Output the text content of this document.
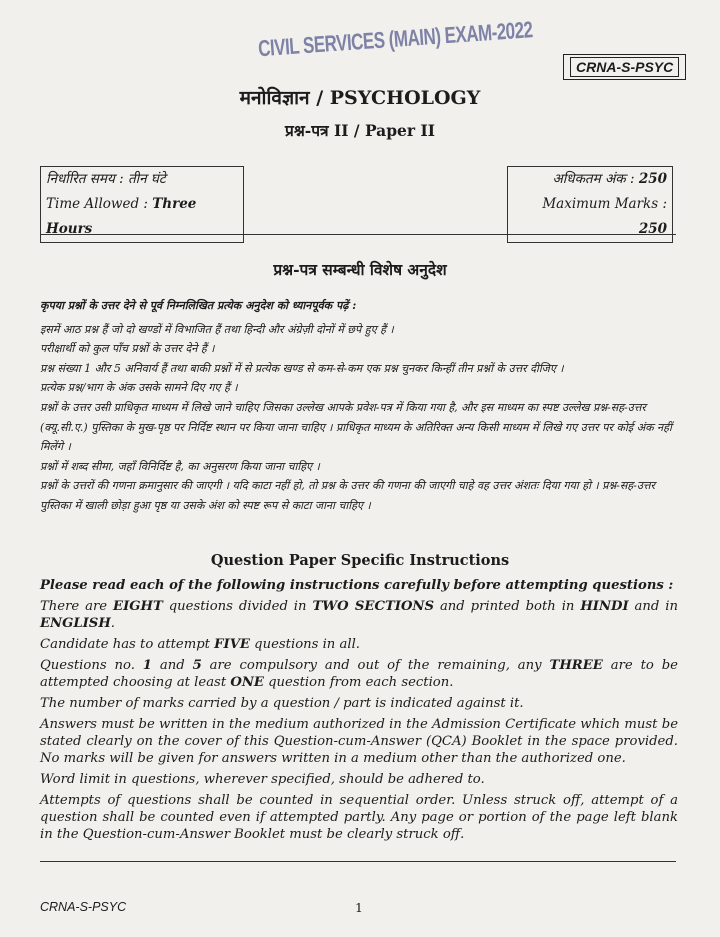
CIVIL SERVICES (MAIN) EXAM-2022
CRNA-S-PSYC
मनोविज्ञान / PSYCHOLOGY
प्रश्न-पत्र II / Paper II
निर्धारित समय : तीन घंटे
Time Allowed : Three Hours
अधिकतम अंक : 250
Maximum Marks : 250
प्रश्न-पत्र सम्बन्धी विशेष अनुदेश

कृपया प्रश्नों के उत्तर देने से पूर्व निम्नलिखित प्रत्येक अनुदेश को ध्यानपूर्वक पढ़ें :

इसमें आठ प्रश्न हैं जो दो खण्डों में विभाजित हैं तथा हिन्दी और अंग्रेज़ी दोनों में छपे हुए हैं ।

परीक्षार्थी को कुल पाँच प्रश्नों के उत्तर देने हैं ।

प्रश्न संख्या 1 और 5 अनिवार्य हैं तथा बाकी प्रश्नों में से प्रत्येक खण्ड से कम-से-कम एक प्रश्न चुनकर किन्हीं तीन प्रश्नों के उत्तर दीजिए ।

प्रत्येक प्रश्न/भाग के अंक उसके सामने दिए गए हैं ।

प्रश्नों के उत्तर उसी प्राधिकृत माध्यम में लिखे जाने चाहिए जिसका उल्लेख आपके प्रवेश-पत्र में किया गया है, और इस माध्यम का स्पष्ट उल्लेख प्रश्न-सह-उत्तर (क्यू.सी.ए.) पुस्तिका के मुख-पृष्ठ पर निर्दिष्ट स्थान पर किया जाना चाहिए । प्राधिकृत माध्यम के अतिरिक्त अन्य किसी माध्यम में लिखे गए उत्तर पर कोई अंक नहीं मिलेंगे ।

प्रश्नों में शब्द सीमा, जहाँ विनिर्दिष्ट है, का अनुसरण किया जाना चाहिए ।

प्रश्नों के उत्तरों की गणना क्रमानुसार की जाएगी । यदि काटा नहीं हो, तो प्रश्न के उत्तर की गणना की जाएगी चाहे वह उत्तर अंशतः दिया गया हो । प्रश्न-सह-उत्तर पुस्तिका में खाली छोड़ा हुआ पृष्ठ या उसके अंश को स्पष्ट रूप से काटा जाना चाहिए ।

Question Paper Specific Instructions

Please read each of the following instructions carefully before attempting questions :

There are EIGHT questions divided in TWO SECTIONS and printed both in HINDI and in ENGLISH.

Candidate has to attempt FIVE questions in all.

Questions no. 1 and 5 are compulsory and out of the remaining, any THREE are to be attempted choosing at least ONE question from each section.

The number of marks carried by a question / part is indicated against it.

Answers must be written in the medium authorized in the Admission Certificate which must be stated clearly on the cover of this Question-cum-Answer (QCA) Booklet in the space provided. No marks will be given for answers written in a medium other than the authorized one.

Word limit in questions, wherever specified, should be adhered to.

Attempts of questions shall be counted in sequential order. Unless struck off, attempt of a question shall be counted even if attempted partly. Any page or portion of the page left blank in the Question-cum-Answer Booklet must be clearly struck off.

CRNA-S-PSYC	1
